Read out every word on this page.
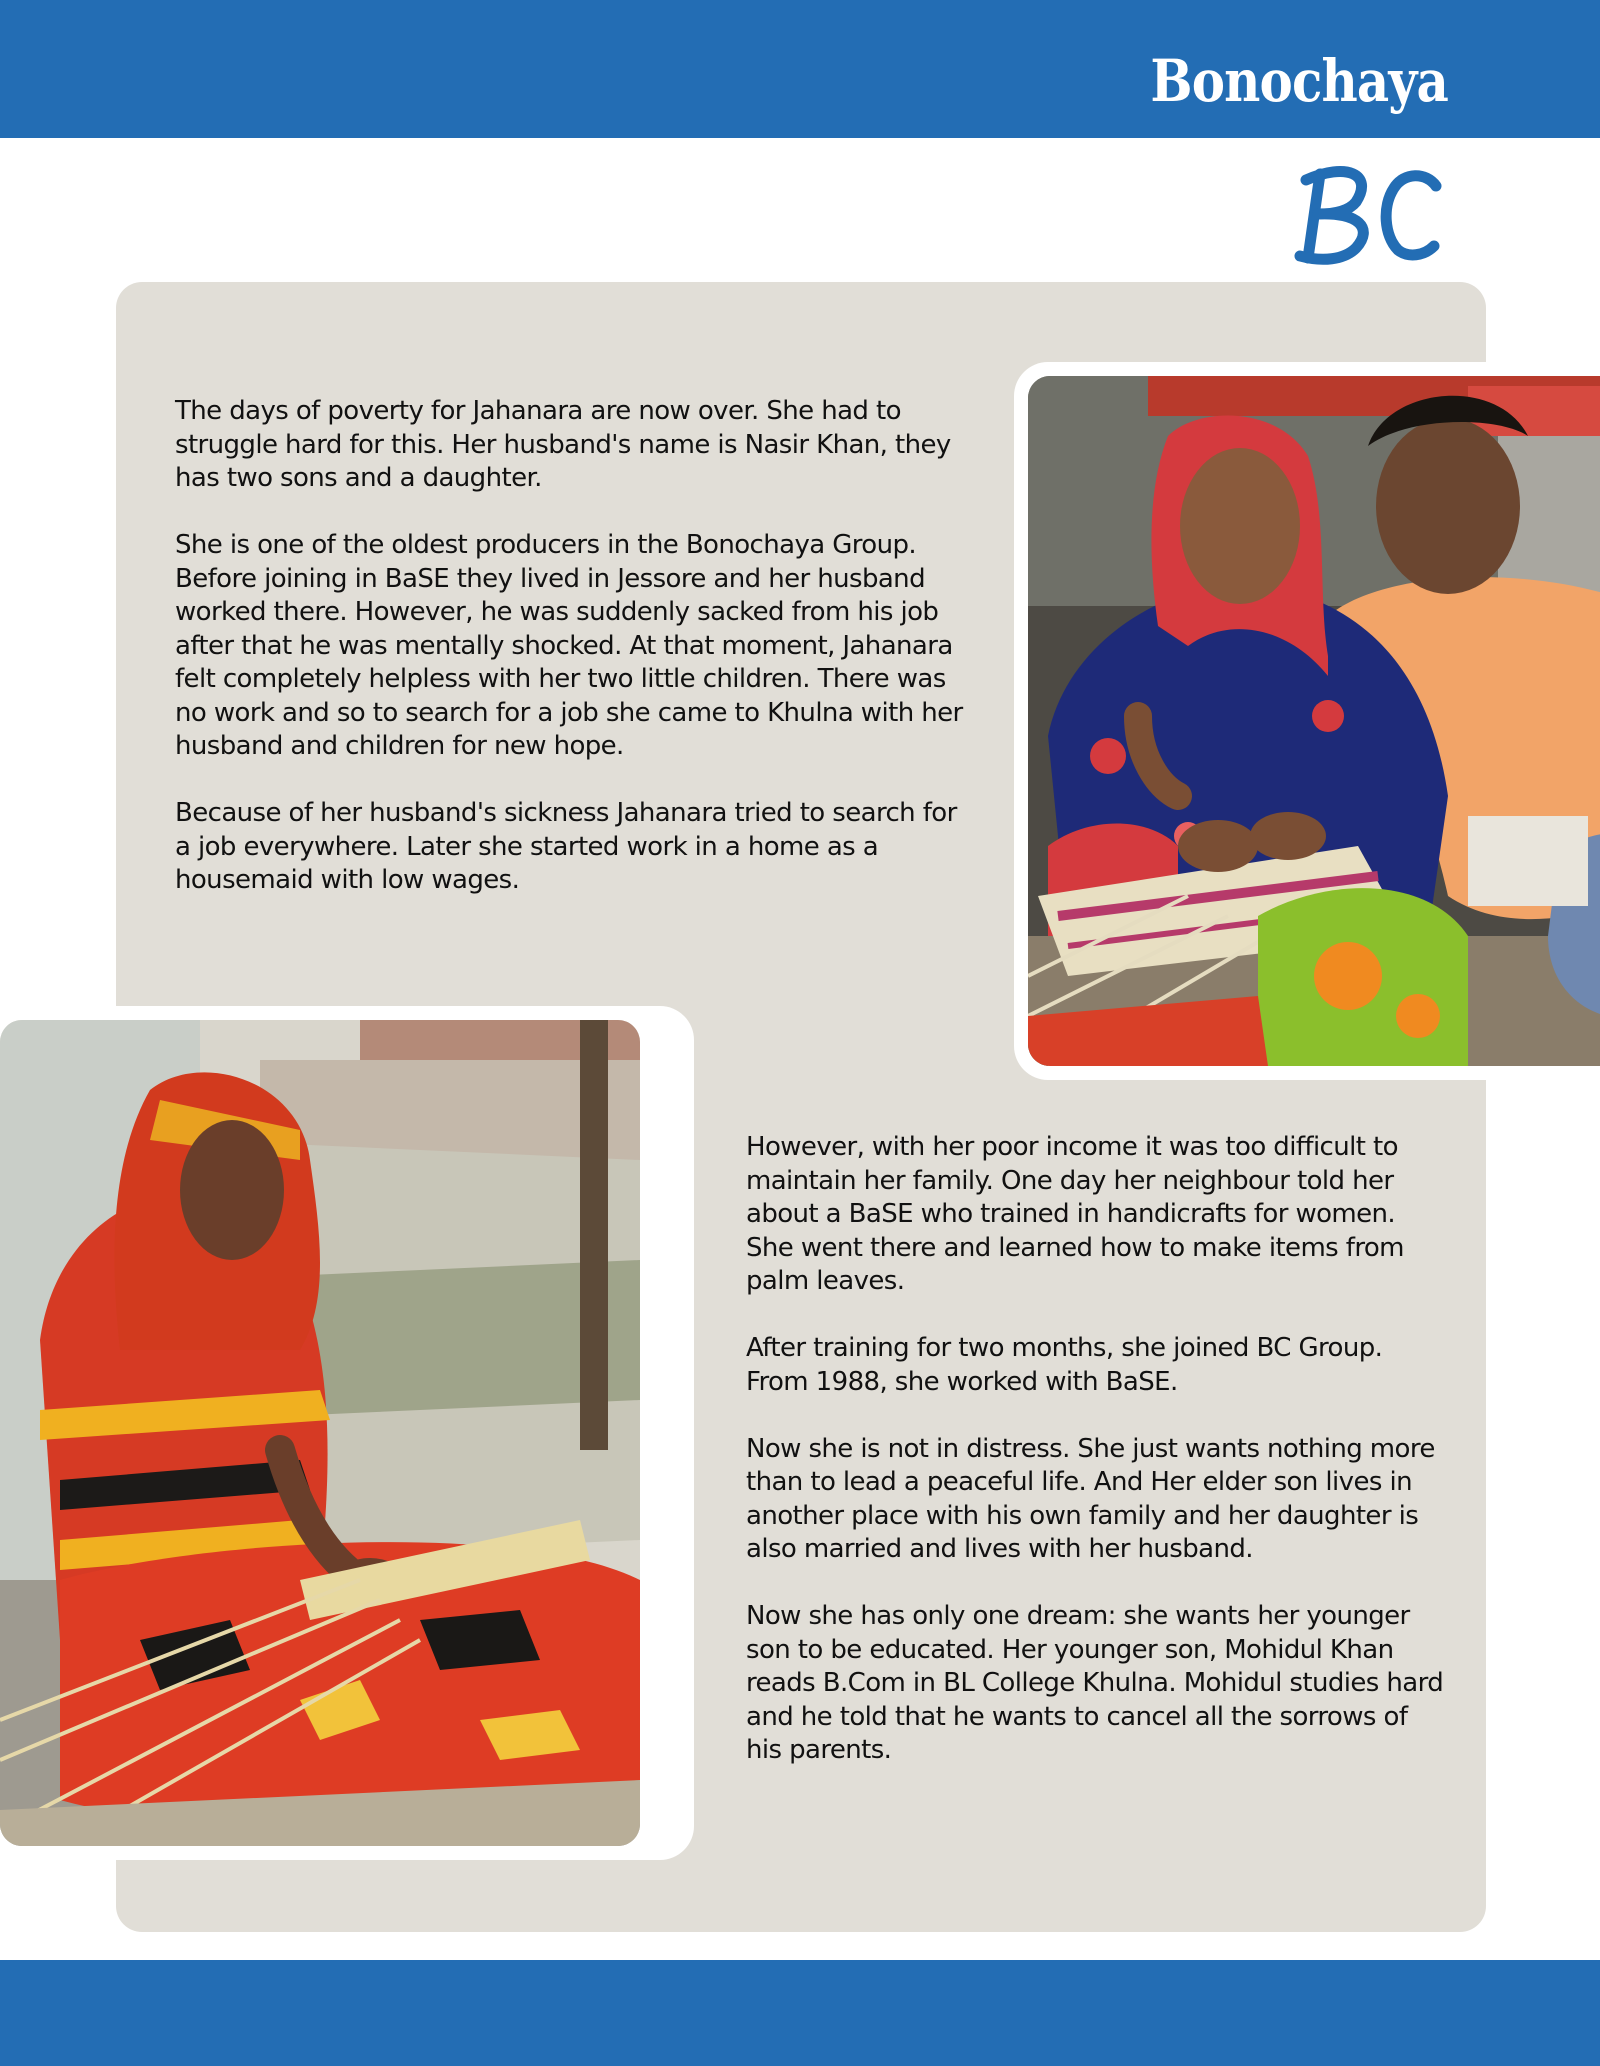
Bonochaya

The days of poverty for Jahanara are now over. She had to struggle hard for this. Her husband's name is Nasir Khan, they has two sons and a daughter.

She is one of the oldest producers in the Bonochaya Group. Before joining in BaSE they lived in Jessore and her husband worked there. However, he was suddenly sacked from his job after that he was mentally shocked. At that moment, Jahanara felt completely helpless with her two little children. There was no work and so to search for a job she came to Khulna with her husband and children for new hope.

Because of her husband's sickness Jahanara tried to search for a job everywhere. Later she started work in a home as a housemaid with low wages.

However, with her poor income it was too difficult to maintain her family. One day her neighbour told her about a BaSE who trained in handicrafts for women. She went there and learned how to make items from palm leaves.

After training for two months, she joined BC Group. From 1988, she worked with BaSE.

Now she is not in distress. She just wants nothing more than to lead a peaceful life. And Her elder son lives in another place with his own family and her daughter is also married and lives with her husband.

Now she has only one dream: she wants her younger son to be educated. Her younger son, Mohidul Khan reads B.Com in BL College Khulna. Mohidul studies hard and he told that he wants to cancel all the sorrows of his parents.
